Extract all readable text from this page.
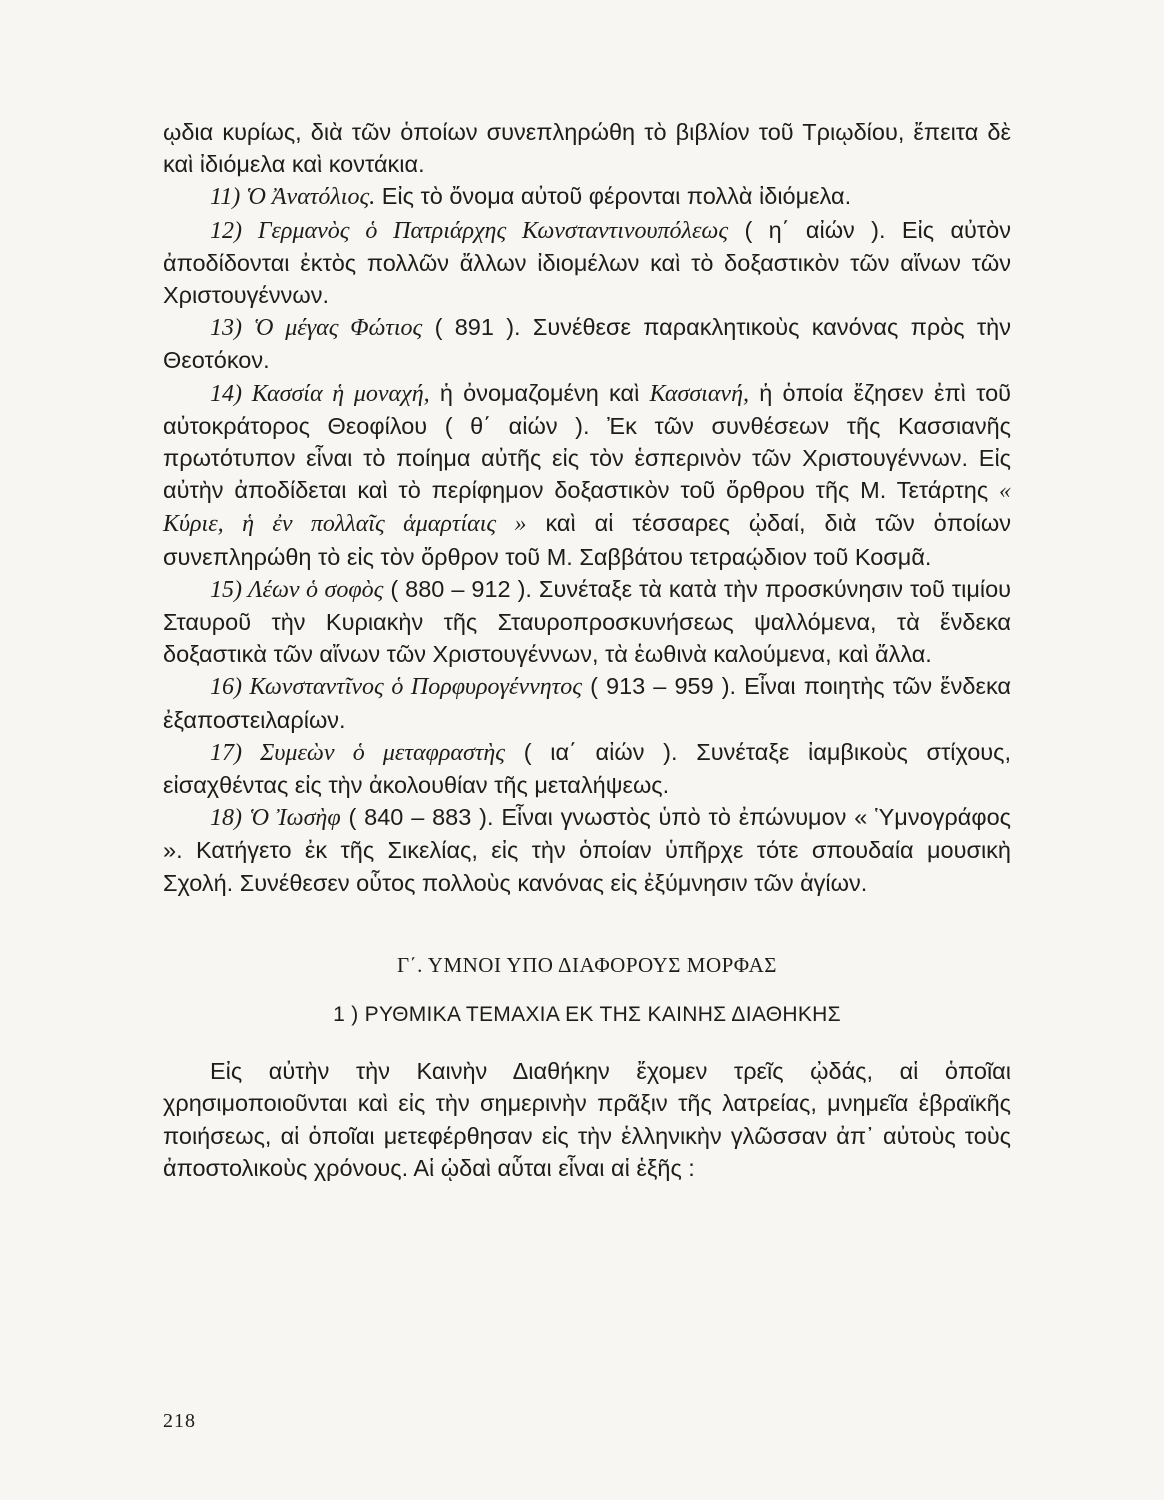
ῳδια κυρίως, διὰ τῶν ὁποίων συνεπληρώθη τὸ βιβλίον τοῦ Τριῳδίου, ἔπειτα δὲ καὶ ἰδιόμελα καὶ κοντάκια.

11) Ὁ Ἀνατόλιος. Εἰς τὸ ὄνομα αὐτοῦ φέρονται πολλὰ ἰδιόμελα.

12) Γερμανὸς ὁ Πατριάρχης Κωνσταντινουπόλεως ( η΄ αἰών ). Εἰς αὐτὸν ἀποδίδονται ἐκτὸς πολλῶν ἄλλων ἰδιομέλων καὶ τὸ δοξαστικὸν τῶν αἴνων τῶν Χριστουγέννων.

13) Ὁ μέγας Φώτιος ( 891 ). Συνέθεσε παρακλητικοὺς κανόνας πρὸς τὴν Θεοτόκον.

14) Κασσία ἡ μοναχή, ἡ ὀνομαζομένη καὶ Κασσιανή, ἡ ὁποία ἔζησεν ἐπὶ τοῦ αὐτοκράτορος Θεοφίλου ( θ΄ αἰών ). Ἐκ τῶν συνθέσεων τῆς Κασσιανῆς πρωτότυπον εἶναι τὸ ποίημα αὐτῆς εἰς τὸν ἑσπερινὸν τῶν Χριστουγέννων. Εἰς αὐτὴν ἀποδίδεται καὶ τὸ περίφημον δοξαστικὸν τοῦ ὄρθρου τῆς Μ. Τετάρτης « Κύριε, ἡ ἐν πολλαῖς ἁμαρτίαις » καὶ αἱ τέσσαρες ᾠδαί, διὰ τῶν ὁποίων συνεπληρώθη τὸ εἰς τὸν ὄρθρον τοῦ Μ. Σαββάτου τετραῴδιον τοῦ Κοσμᾶ.

15) Λέων ὁ σοφὸς ( 880 – 912 ). Συνέταξε τὰ κατὰ τὴν προσκύνησιν τοῦ τιμίου Σταυροῦ τὴν Κυριακὴν τῆς Σταυροπροσκυνήσεως ψαλλόμενα, τὰ ἕνδεκα δοξαστικὰ τῶν αἴνων τῶν Χριστουγέννων, τὰ ἑωθινὰ καλούμενα, καὶ ἄλλα.

16) Κωνσταντῖνος ὁ Πορφυρογέννητος ( 913 – 959 ). Εἶναι ποιητὴς τῶν ἕνδεκα ἐξαποστειλαρίων.

17) Συμεὼν ὁ μεταφραστὴς ( ια΄ αἰών ). Συνέταξε ἰαμβικοὺς στίχους, εἰσαχθέντας εἰς τὴν ἀκολουθίαν τῆς μεταλήψεως.

18) Ὁ Ἰωσὴφ ( 840 – 883 ). Εἶναι γνωστὸς ὑπὸ τὸ ἐπώνυμον « Ὑμνογράφος ». Κατήγετο ἐκ τῆς Σικελίας, εἰς τὴν ὁποίαν ὑπῆρχε τότε σπουδαία μουσικὴ Σχολή. Συνέθεσεν οὗτος πολλοὺς κανόνας εἰς ἐξύμνησιν τῶν ἁγίων.

Γ΄. ΥΜΝΟΙ ΥΠΟ ΔΙΑΦΟΡΟΥΣ ΜΟΡΦΑΣ
1 ) ΡΥΘΜΙΚΑ ΤΕΜΑΧΙΑ ΕΚ ΤΗΣ ΚΑΙΝΗΣ ΔΙΑΘΗΚΗΣ

Εἰς αὐτὴν τὴν Καινὴν Διαθήκην ἔχομεν τρεῖς ᾠδάς, αἱ ὁποῖαι χρησιμοποιοῦνται καὶ εἰς τὴν σημερινὴν πρᾶξιν τῆς λατρείας, μνημεῖα ἑβραϊκῆς ποιήσεως, αἱ ὁποῖαι μετεφέρθησαν εἰς τὴν ἑλληνικὴν γλῶσσαν ἀπ᾿ αὐτοὺς τοὺς ἀποστολικοὺς χρόνους. Αἱ ᾠδαὶ αὗται εἶναι αἱ ἑξῆς :

218
